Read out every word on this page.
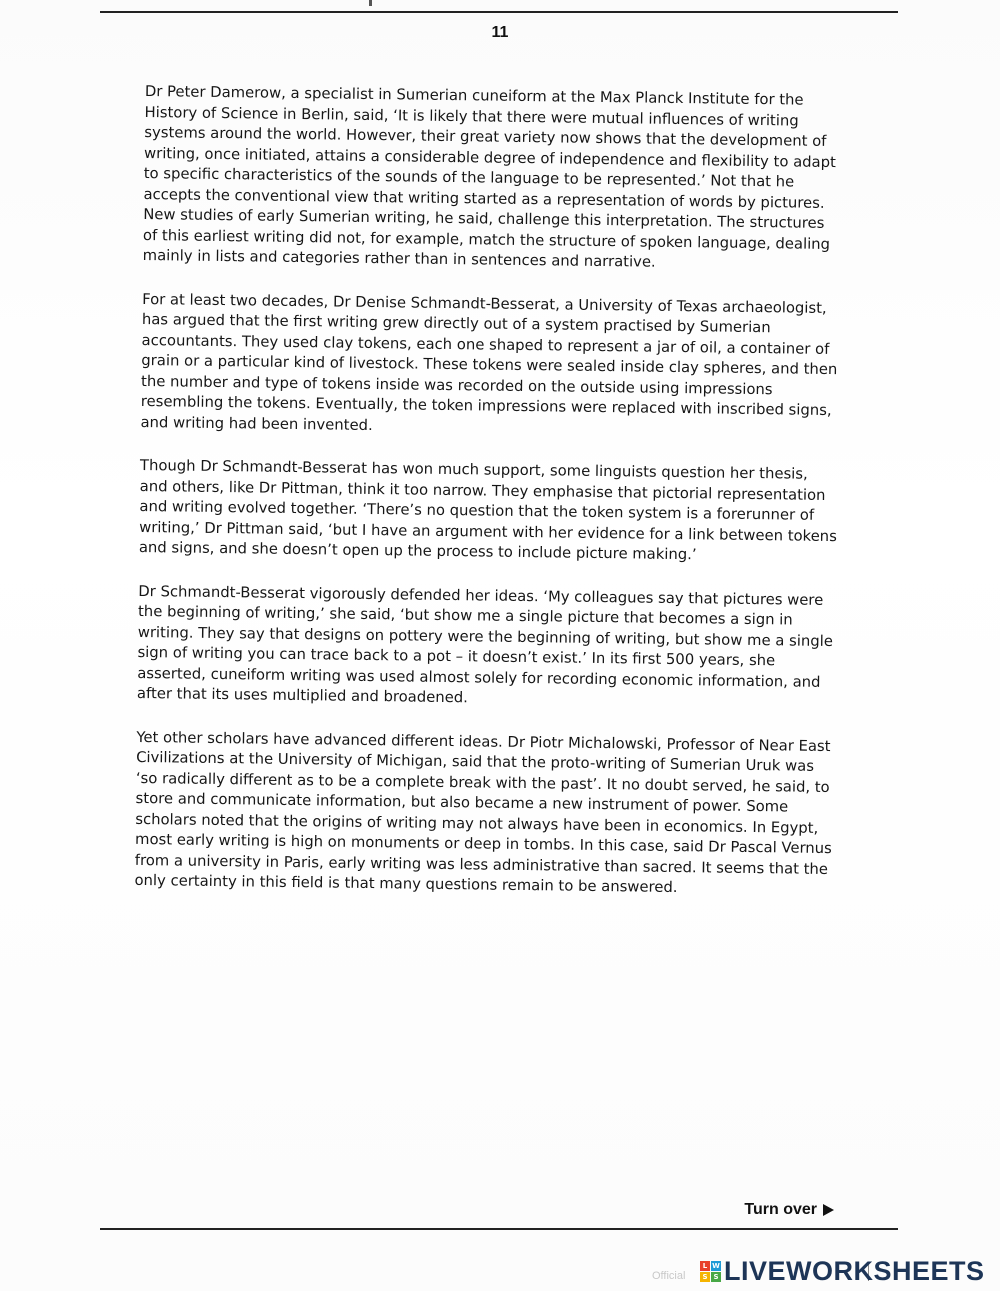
11

Dr Peter Damerow, a specialist in Sumerian cuneiform at the Max Planck Institute for the History of Science in Berlin, said, ‘It is likely that there were mutual influences of writing systems around the world. However, their great variety now shows that the development of writing, once initiated, attains a considerable degree of independence and flexibility to adapt to specific characteristics of the sounds of the language to be represented.’ Not that he accepts the conventional view that writing started as a representation of words by pictures. New studies of early Sumerian writing, he said, challenge this interpretation. The structures of this earliest writing did not, for example, match the structure of spoken language, dealing mainly in lists and categories rather than in sentences and narrative.

For at least two decades, Dr Denise Schmandt-Besserat, a University of Texas archaeologist, has argued that the first writing grew directly out of a system practised by Sumerian accountants. They used clay tokens, each one shaped to represent a jar of oil, a container of grain or a particular kind of livestock. These tokens were sealed inside clay spheres, and then the number and type of tokens inside was recorded on the outside using impressions resembling the tokens. Eventually, the token impressions were replaced with inscribed signs, and writing had been invented.

Though Dr Schmandt-Besserat has won much support, some linguists question her thesis, and others, like Dr Pittman, think it too narrow. They emphasise that pictorial representation and writing evolved together. ‘There’s no question that the token system is a forerunner of writing,’ Dr Pittman said, ‘but I have an argument with her evidence for a link between tokens and signs, and she doesn’t open up the process to include picture making.’

Dr Schmandt-Besserat vigorously defended her ideas. ‘My colleagues say that pictures were the beginning of writing,’ she said, ‘but show me a single picture that becomes a sign in writing. They say that designs on pottery were the beginning of writing, but show me a single sign of writing you can trace back to a pot – it doesn’t exist.’ In its first 500 years, she asserted, cuneiform writing was used almost solely for recording economic information, and after that its uses multiplied and broadened.

Yet other scholars have advanced different ideas. Dr Piotr Michalowski, Professor of Near East Civilizations at the University of Michigan, said that the proto-writing of Sumerian Uruk was ‘so radically different as to be a complete break with the past’. It no doubt served, he said, to store and communicate information, but also became a new instrument of power. Some scholars noted that the origins of writing may not always have been in economics. In Egypt, most early writing is high on monuments or deep in tombs. In this case, said Dr Pascal Vernus from a university in Paris, early writing was less administrative than sacred. It seems that the only certainty in this field is that many questions remain to be answered.

Turn over
Official
L W
S S LIVEWORKSHEETS
